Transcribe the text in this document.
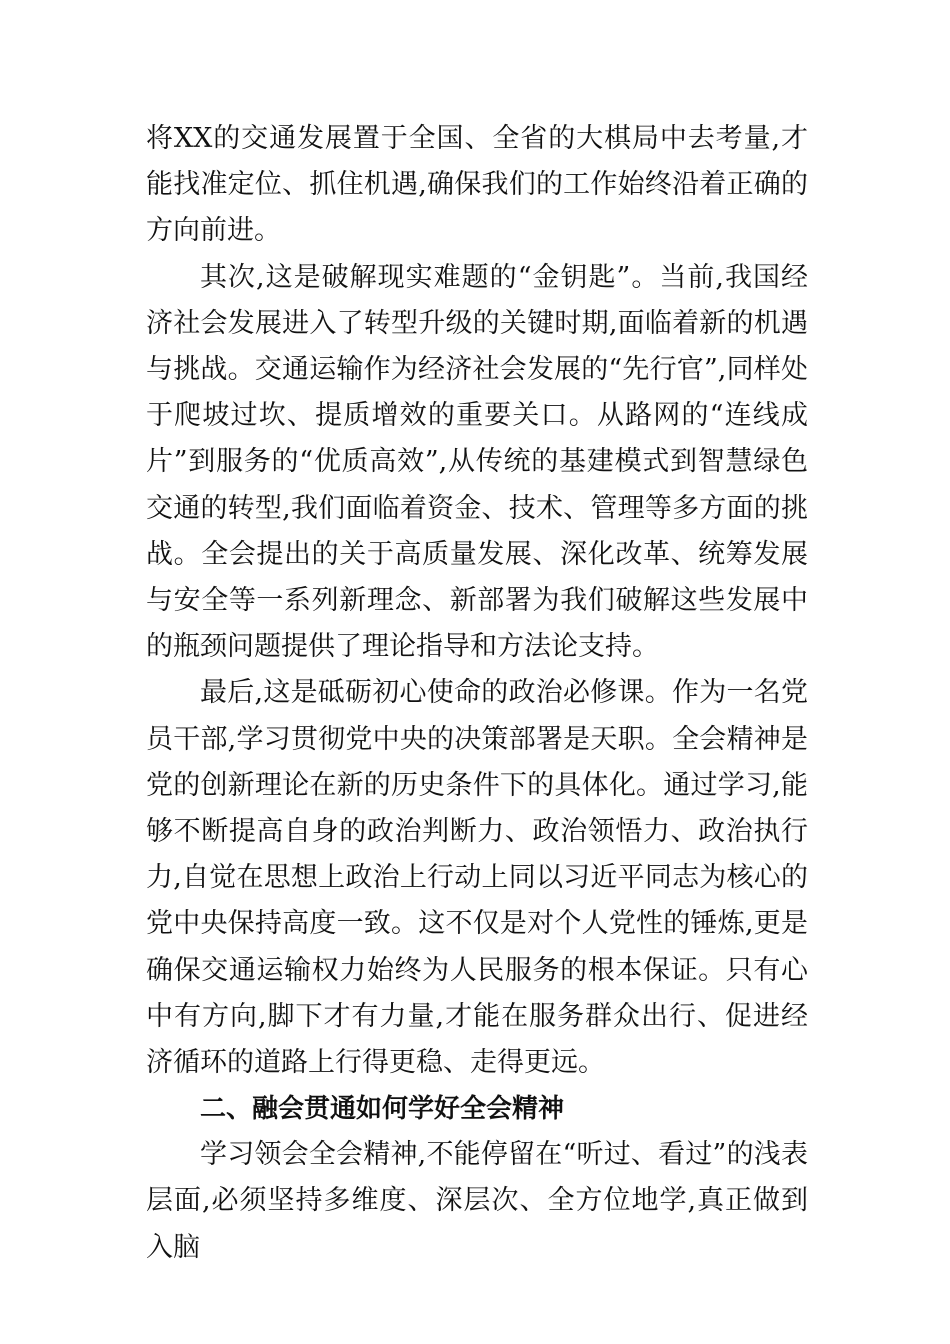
将XX的交通发展置于全国、全省的大棋局中去考量,才能找准定位、抓住机遇,确保我们的工作始终沿着正确的方向前进。

其次,这是破解现实难题的“金钥匙”。当前,我国经济社会发展进入了转型升级的关键时期,面临着新的机遇与挑战。交通运输作为经济社会发展的“先行官”,同样处于爬坡过坎、提质增效的重要关口。从路网的“连线成片”到服务的“优质高效”,从传统的基建模式到智慧绿色交通的转型,我们面临着资金、技术、管理等多方面的挑战。全会提出的关于高质量发展、深化改革、统筹发展与安全等一系列新理念、新部署为我们破解这些发展中的瓶颈问题提供了理论指导和方法论支持。

最后,这是砥砺初心使命的政治必修课。作为一名党员干部,学习贯彻党中央的决策部署是天职。全会精神是党的创新理论在新的历史条件下的具体化。通过学习,能够不断提高自身的政治判断力、政治领悟力、政治执行力,自觉在思想上政治上行动上同以习近平同志为核心的党中央保持高度一致。这不仅是对个人党性的锤炼,更是确保交通运输权力始终为人民服务的根本保证。只有心中有方向,脚下才有力量,才能在服务群众出行、促进经济循环的道路上行得更稳、走得更远。

二、融会贯通如何学好全会精神

学习领会全会精神,不能停留在“听过、看过”的浅表层面,必须坚持多维度、深层次、全方位地学,真正做到入脑
